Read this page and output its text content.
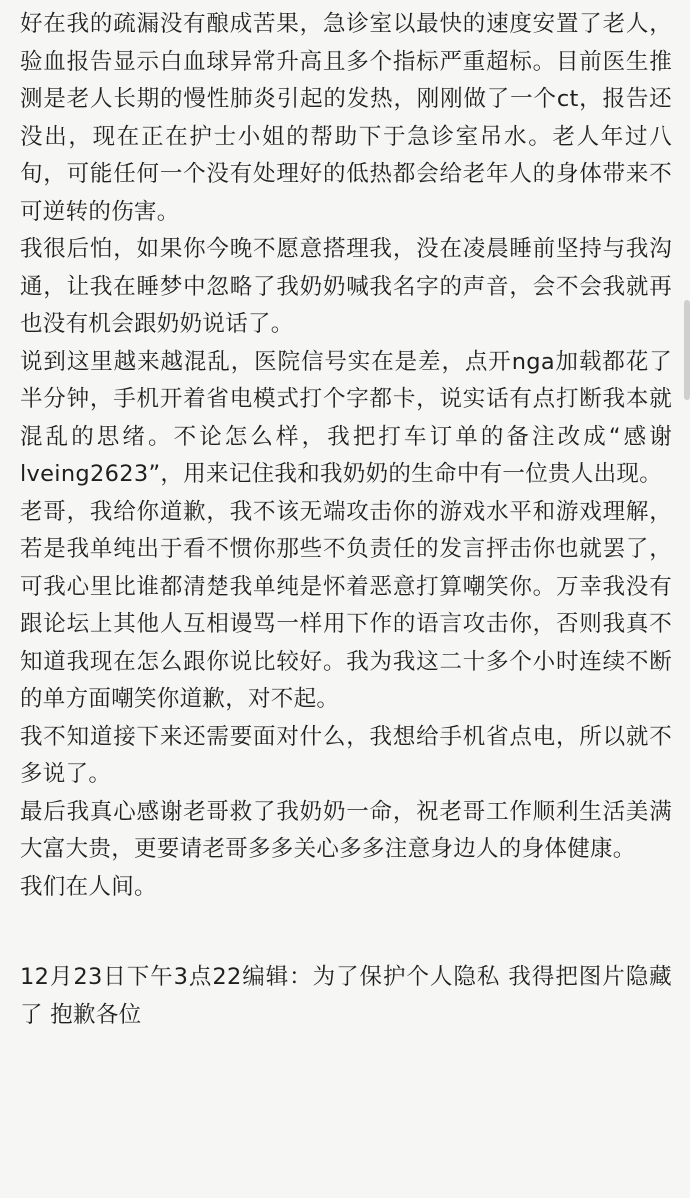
好在我的疏漏没有酿成苦果，急诊室以最快的速度安置了老人，验血报告显示白血球异常升高且多个指标严重超标。目前医生推测是老人长期的慢性肺炎引起的发热，刚刚做了一个ct，报告还没出，现在正在护士小姐的帮助下于急诊室吊水。老人年过八旬，可能任何一个没有处理好的低热都会给老年人的身体带来不可逆转的伤害。

我很后怕，如果你今晚不愿意搭理我，没在凌晨睡前坚持与我沟通，让我在睡梦中忽略了我奶奶喊我名字的声音，会不会我就再也没有机会跟奶奶说话了。

说到这里越来越混乱，医院信号实在是差，点开nga加载都花了半分钟，手机开着省电模式打个字都卡，说实话有点打断我本就混乱的思绪。不论怎么样，我把打车订单的备注改成“感谢lveing2623”，用来记住我和我奶奶的生命中有一位贵人出现。

老哥，我给你道歉，我不该无端攻击你的游戏水平和游戏理解，若是我单纯出于看不惯你那些不负责任的发言抨击你也就罢了，可我心里比谁都清楚我单纯是怀着恶意打算嘲笑你。万幸我没有跟论坛上其他人互相谩骂一样用下作的语言攻击你，否则我真不知道我现在怎么跟你说比较好。我为我这二十多个小时连续不断的单方面嘲笑你道歉，对不起。

我不知道接下来还需要面对什么，我想给手机省点电，所以就不多说了。

最后我真心感谢老哥救了我奶奶一命，祝老哥工作顺利生活美满大富大贵，更要请老哥多多关心多多注意身边人的身体健康。

我们在人间。

12月23日下午3点22编辑：为了保护个人隐私 我得把图片隐藏了 抱歉各位
